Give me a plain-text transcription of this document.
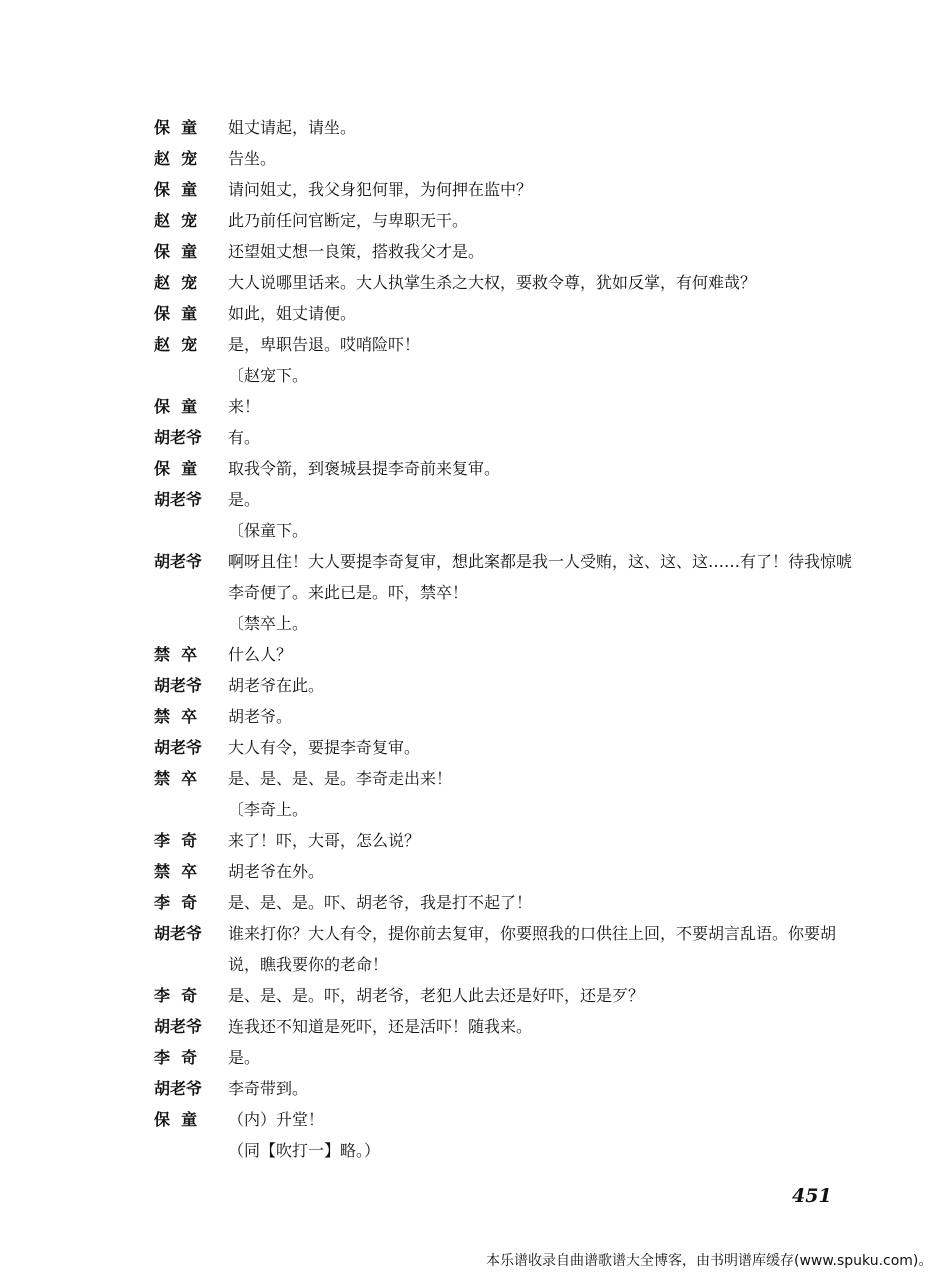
保  童	姐丈请起，请坐。
赵  宠	告坐。
保  童	请问姐丈，我父身犯何罪，为何押在监中？
赵  宠	此乃前任问官断定，与卑职无干。
保  童	还望姐丈想一良策，搭救我父才是。
赵  宠	大人说哪里话来。大人执掌生杀之大权，要救令尊，犹如反掌，有何难哉？
保  童	如此，姐丈请便。
赵  宠	是，卑职告退。哎哨险吓！
〔赵宠下。
保  童	来！
胡老爷	有。
保  童	取我令箭，到褒城县提李奇前来复审。
胡老爷	是。
〔保童下。
胡老爷	啊呀且住！大人要提李奇复审，想此案都是我一人受贿，这、这、这……有了！待我惊唬李奇便了。来此已是。吓，禁卒！
〔禁卒上。
禁  卒	什么人？
胡老爷	胡老爷在此。
禁  卒	胡老爷。
胡老爷	大人有令，要提李奇复审。
禁  卒	是、是、是、是。李奇走出来！
〔李奇上。
李  奇	来了！吓，大哥，怎么说？
禁  卒	胡老爷在外。
李  奇	是、是、是。吓、胡老爷，我是打不起了！
胡老爷	谁来打你？大人有令，提你前去复审，你要照我的口供往上回，不要胡言乱语。你要胡说，瞧我要你的老命！
李  奇	是、是、是。吓，胡老爷，老犯人此去还是好吓，还是歹？
胡老爷	连我还不知道是死吓，还是活吓！随我来。
李  奇	是。
胡老爷	李奇带到。
保  童	（内）升堂！
（同【吹打一】略。）
451
本乐谱收录自曲谱歌谱大全博客，由书明谱库缓存(www.spuku.com)。
